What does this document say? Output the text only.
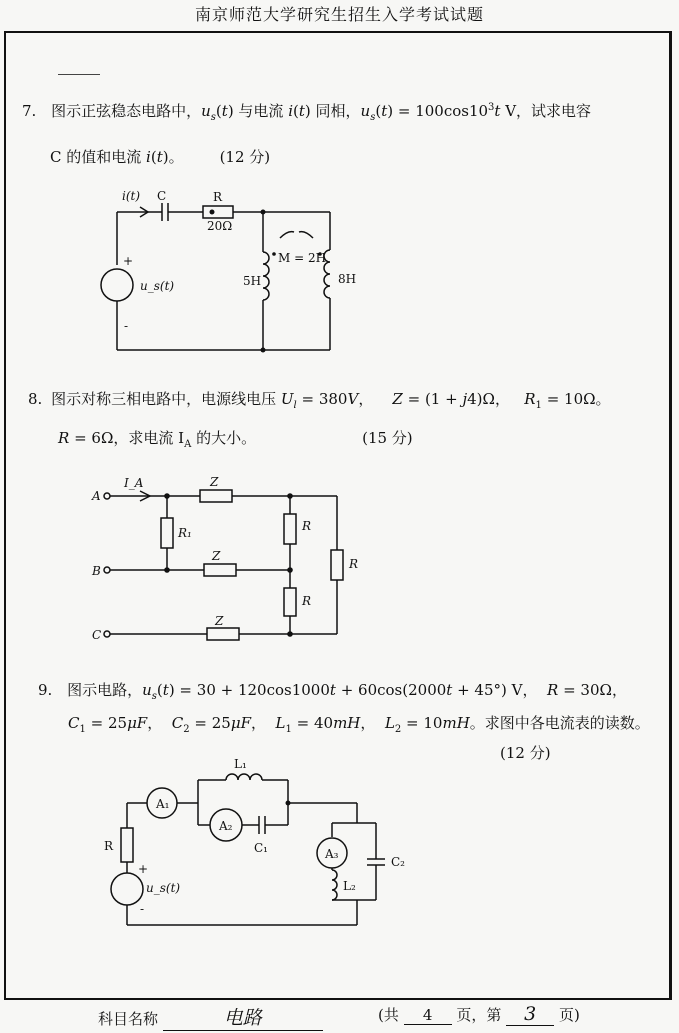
南京师范大学研究生招生入学考试试题
7. 图示正弦稳态电路中，$u_s(t)$ 与电流 i(t) 同相，$u_s(t) = 100\cos 10^3t$ V，试求电容
C 的值和电流 i(t)。 (12 分)
i(t) C	R
20Ω
M = 2H
5H	8H
+
-
u_s(t)
A
B
C
I_A	Z
Z
Z
R₁	R
R
R
A₁
A₂
A₃
L₁
C₁
L₂
C₂
R
+
-
u_s(t)
8. 图示对称三相电路中，电源线电压 $U_l = 380V$，    Z = (1 + j4)Ω，   $R_1 = 10\Omega$。
R = 6Ω，求电流 $I_A$ 的大小。	(15 分)
9. 图示电路，$u_s(t) = 30 + 120\cos 1000t + 60\cos(2000t + 45^\circ)$ V，  R = 30Ω，
$C_1 = 25\mu F$，  $C_2 = 25\mu F$，  $L_1 = 40mH$，  $L_2 = 10mH$。求图中各电流表的读数。
(12 分)
科目名称	电路	(共 4 页，第 3 页)
